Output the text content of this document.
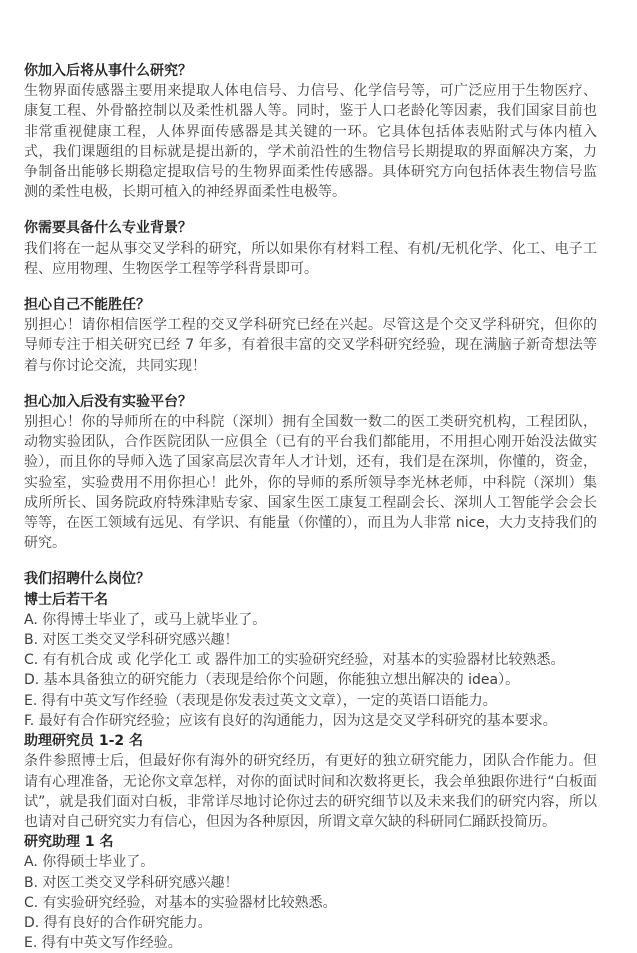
你加入后将从事什么研究？

生物界面传感器主要用来提取人体电信号、力信号、化学信号等，可广泛应用于生物医疗、康复工程、外骨骼控制以及柔性机器人等。同时，鉴于人口老龄化等因素，我们国家目前也非常重视健康工程，人体界面传感器是其关键的一环。它具体包括体表贴附式与体内植入式，我们课题组的目标就是提出新的，学术前沿性的生物信号长期提取的界面解决方案，力争制备出能够长期稳定提取信号的生物界面柔性传感器。具体研究方向包括体表生物信号监测的柔性电极，长期可植入的神经界面柔性电极等。

你需要具备什么专业背景？

我们将在一起从事交叉学科的研究，所以如果你有材料工程、有机/无机化学、化工、电子工程、应用物理、生物医学工程等学科背景即可。

担心自己不能胜任？

别担心！请你相信医学工程的交叉学科研究已经在兴起。尽管这是个交叉学科研究，但你的导师专注于相关研究已经 7 年多，有着很丰富的交叉学科研究经验，现在满脑子新奇想法等着与你讨论交流，共同实现！

担心加入后没有实验平台？

别担心！你的导师所在的中科院（深圳）拥有全国数一数二的医工类研究机构，工程团队，动物实验团队，合作医院团队一应俱全（已有的平台我们都能用，不用担心刚开始没法做实验），而且你的导师入选了国家高层次青年人才计划，还有，我们是在深圳，你懂的，资金，实验室，实验费用不用你担心！此外，你的导师的系所领导李光林老师，中科院（深圳）集成所所长、国务院政府特殊津贴专家、国家生医工康复工程副会长、深圳人工智能学会会长等等，在医工领域有远见、有学识、有能量（你懂的），而且为人非常 nice，大力支持我们的研究。

我们招聘什么岗位？

博士后若干名

A. 你得博士毕业了，或马上就毕业了。

B. 对医工类交叉学科研究感兴趣！

C. 有有机合成 或 化学化工 或 器件加工的实验研究经验，对基本的实验器材比较熟悉。

D. 基本具备独立的研究能力（表现是给你个问题，你能独立想出解决的 idea）。

E. 得有中英文写作经验（表现是你发表过英文文章），一定的英语口语能力。

F. 最好有合作研究经验；应该有良好的沟通能力，因为这是交叉学科研究的基本要求。

助理研究员 1-2 名

条件参照博士后，但最好你有海外的研究经历，有更好的独立研究能力，团队合作能力。但请有心理准备，无论你文章怎样，对你的面试时间和次数将更长，我会单独跟你进行“白板面试”，就是我们面对白板，非常详尽地讨论你过去的研究细节以及未来我们的研究内容，所以也请对自己研究实力有信心，但因为各种原因，所谓文章欠缺的科研同仁踊跃投简历。

研究助理 1 名

A. 你得硕士毕业了。

B. 对医工类交叉学科研究感兴趣！

C. 有实验研究经验，对基本的实验器材比较熟悉。

D. 得有良好的合作研究能力。

E. 得有中英文写作经验。
